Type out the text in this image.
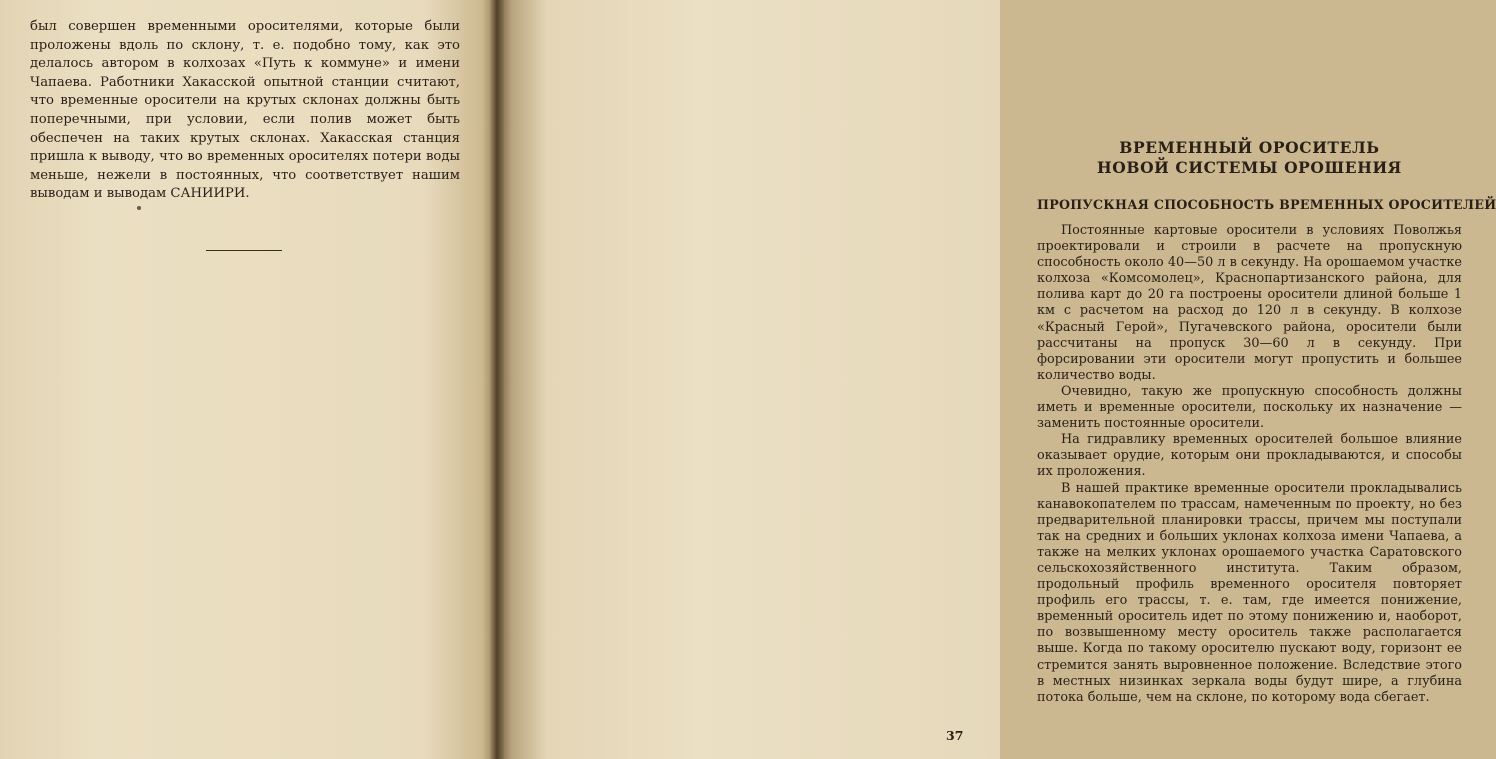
был совершен временными оросителями, которые были проложены вдоль по склону, т. е. подобно тому, как это делалось автором в колхозах «Путь к коммуне» и имени Чапаева. Работники Хакасской опытной станции считают, что временные оросители на крутых склонах должны быть поперечными, при условии, если полив может быть обеспечен на таких крутых склонах. Хакасская станция пришла к выводу, что во временных оросителях потери воды меньше, нежели в постоянных, что соответствует нашим выводам и выводам САНИИРИ.

ВРЕМЕННЫЙ ОРОСИТЕЛЬ
НОВОЙ СИСТЕМЫ ОРОШЕНИЯ
ПРОПУСКНАЯ СПОСОБНОСТЬ ВРЕМЕННЫХ ОРОСИТЕЛЕЙ

Постоянные картовые оросители в условиях Поволжья проектировали и строили в расчете на пропускную способность около 40—50 л в секунду. На орошаемом участке колхоза «Комсомолец», Краснопартизанского района, для полива карт до 20 га построены оросители длиной больше 1 км с расчетом на расход до 120 л в секунду. В колхозе «Красный Герой», Пугачевского района, оросители были рассчитаны на пропуск 30—60 л в секунду. При форсировании эти оросители могут пропустить и большее количество воды.

Очевидно, такую же пропускную способность должны иметь и временные оросители, поскольку их назначение — заменить постоянные оросители.

На гидравлику временных оросителей большое влияние оказывает орудие, которым они прокладываются, и способы их проложения.

В нашей практике временные оросители прокладывались канавокопателем по трассам, намеченным по проекту, но без предварительной планировки трассы, причем мы поступали так на средних и больших уклонах колхоза имени Чапаева, а также на мелких уклонах орошаемого участка Саратовского сельскохозяйственного института. Таким образом, продольный профиль временного оросителя повторяет профиль его трассы, т. е. там, где имеется понижение, временный ороситель идет по этому понижению и, наоборот, по возвышенному месту ороситель также располагается выше. Когда по такому оросителю пускают воду, горизонт ее стремится занять выровненное положение. Вследствие этого в местных низинках зеркала воды будут шире, а глубина потока больше, чем на склоне, по которому вода сбегает.

37
